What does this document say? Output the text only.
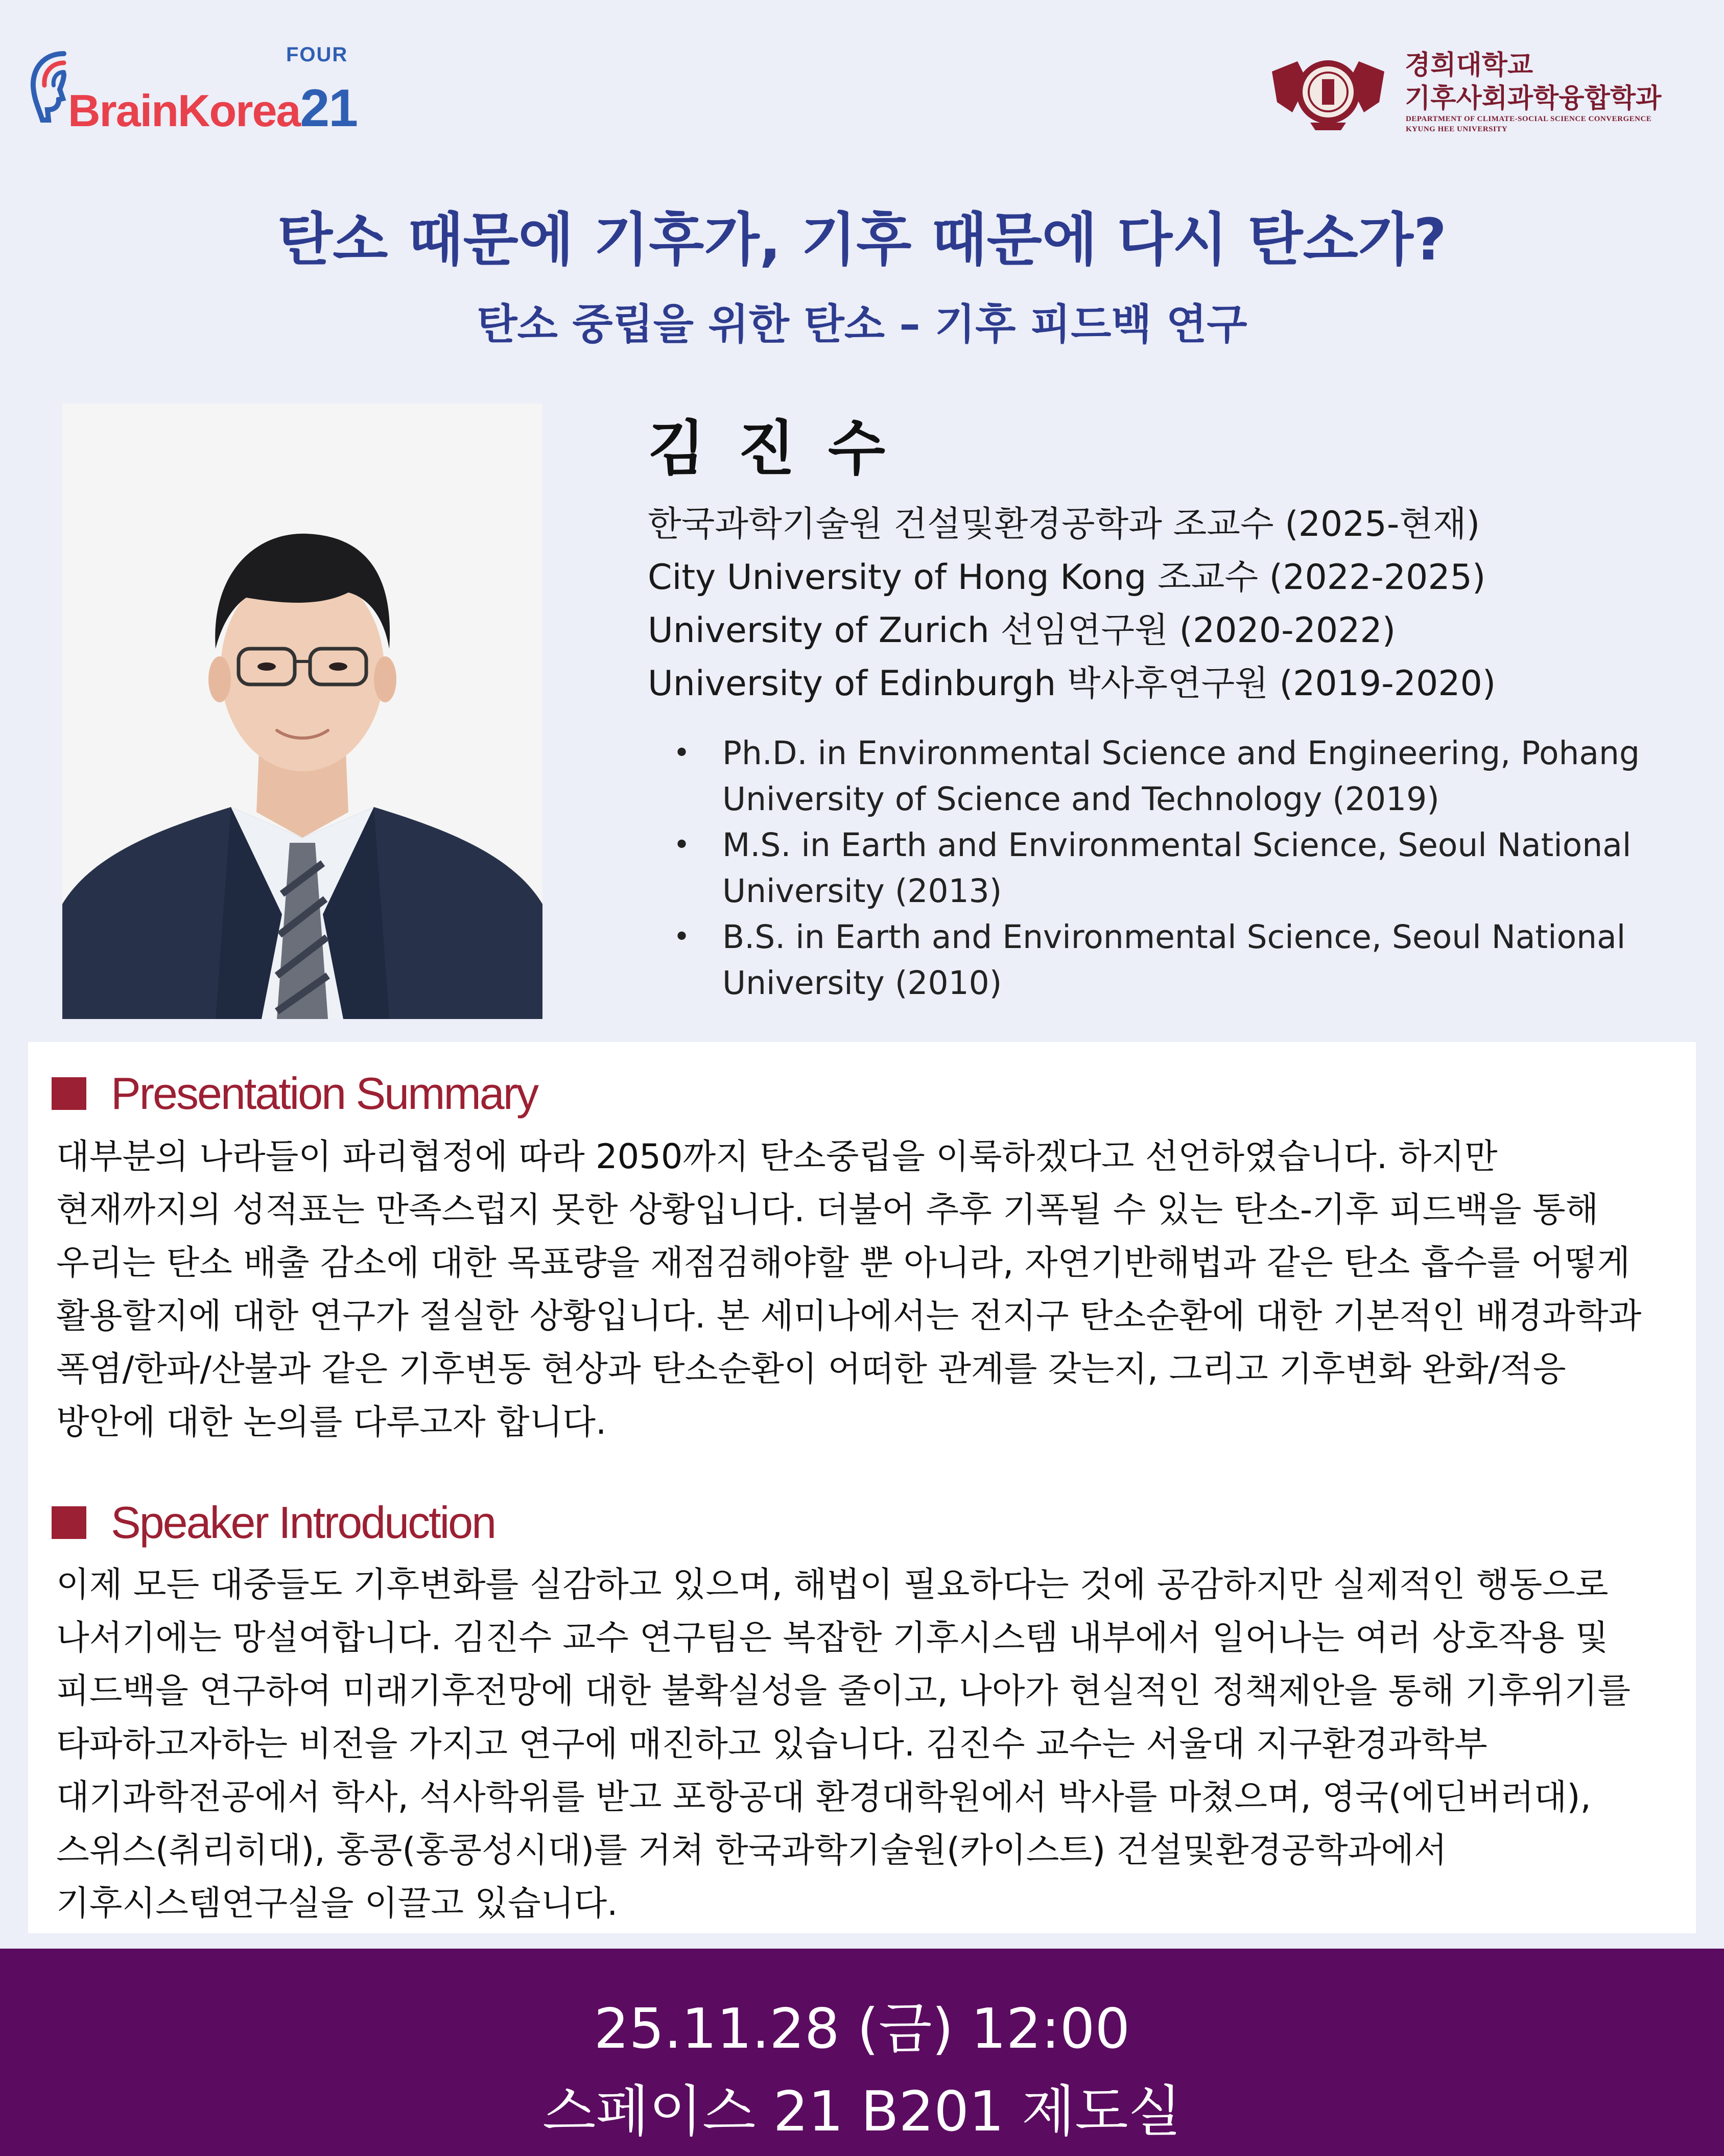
FOUR
BrainKorea21
경희대학교
기후사회과학융합학과
DEPARTMENT OF CLIMATE-SOCIAL SCIENCE CONVERGENCE
KYUNG HEE UNIVERSITY
탄소 때문에 기후가, 기후 때문에 다시 탄소가?
탄소 중립을 위한 탄소 – 기후 피드백 연구
김 진 수
한국과학기술원 건설및환경공학과 조교수 (2025-현재)
City University of Hong Kong 조교수 (2022-2025)
University of Zurich 선임연구원 (2020-2022)
University of Edinburgh 박사후연구원 (2019-2020)
• Ph.D. in Environmental Science and Engineering, Pohang
University of Science and Technology (2019)
• M.S. in Earth and Environmental Science, Seoul National
University (2013)
• B.S. in Earth and Environmental Science, Seoul National
University (2010)
Presentation Summary
대부분의 나라들이 파리협정에 따라 2050까지 탄소중립을 이룩하겠다고 선언하였습니다. 하지만
현재까지의 성적표는 만족스럽지 못한 상황입니다. 더불어 추후 기폭될 수 있는 탄소-기후 피드백을 통해
우리는 탄소 배출 감소에 대한 목표량을 재점검해야할 뿐 아니라, 자연기반해법과 같은 탄소 흡수를 어떻게
활용할지에 대한 연구가 절실한 상황입니다. 본 세미나에서는 전지구 탄소순환에 대한 기본적인 배경과학과
폭염/한파/산불과 같은 기후변동 현상과 탄소순환이 어떠한 관계를 갖는지, 그리고 기후변화 완화/적응
방안에 대한 논의를 다루고자 합니다.
Speaker Introduction
이제 모든 대중들도 기후변화를 실감하고 있으며, 해법이 필요하다는 것에 공감하지만 실제적인 행동으로
나서기에는 망설여합니다. 김진수 교수 연구팀은 복잡한 기후시스템 내부에서 일어나는 여러 상호작용 및
피드백을 연구하여 미래기후전망에 대한 불확실성을 줄이고, 나아가 현실적인 정책제안을 통해 기후위기를
타파하고자하는 비전을 가지고 연구에 매진하고 있습니다. 김진수 교수는 서울대 지구환경과학부
대기과학전공에서 학사, 석사학위를 받고 포항공대 환경대학원에서 박사를 마쳤으며, 영국(에딘버러대),
스위스(취리히대), 홍콩(홍콩성시대)를 거쳐 한국과학기술원(카이스트) 건설및환경공학과에서
기후시스템연구실을 이끌고 있습니다.
25.11.28 (금) 12:00
스페이스 21 B201 제도실
